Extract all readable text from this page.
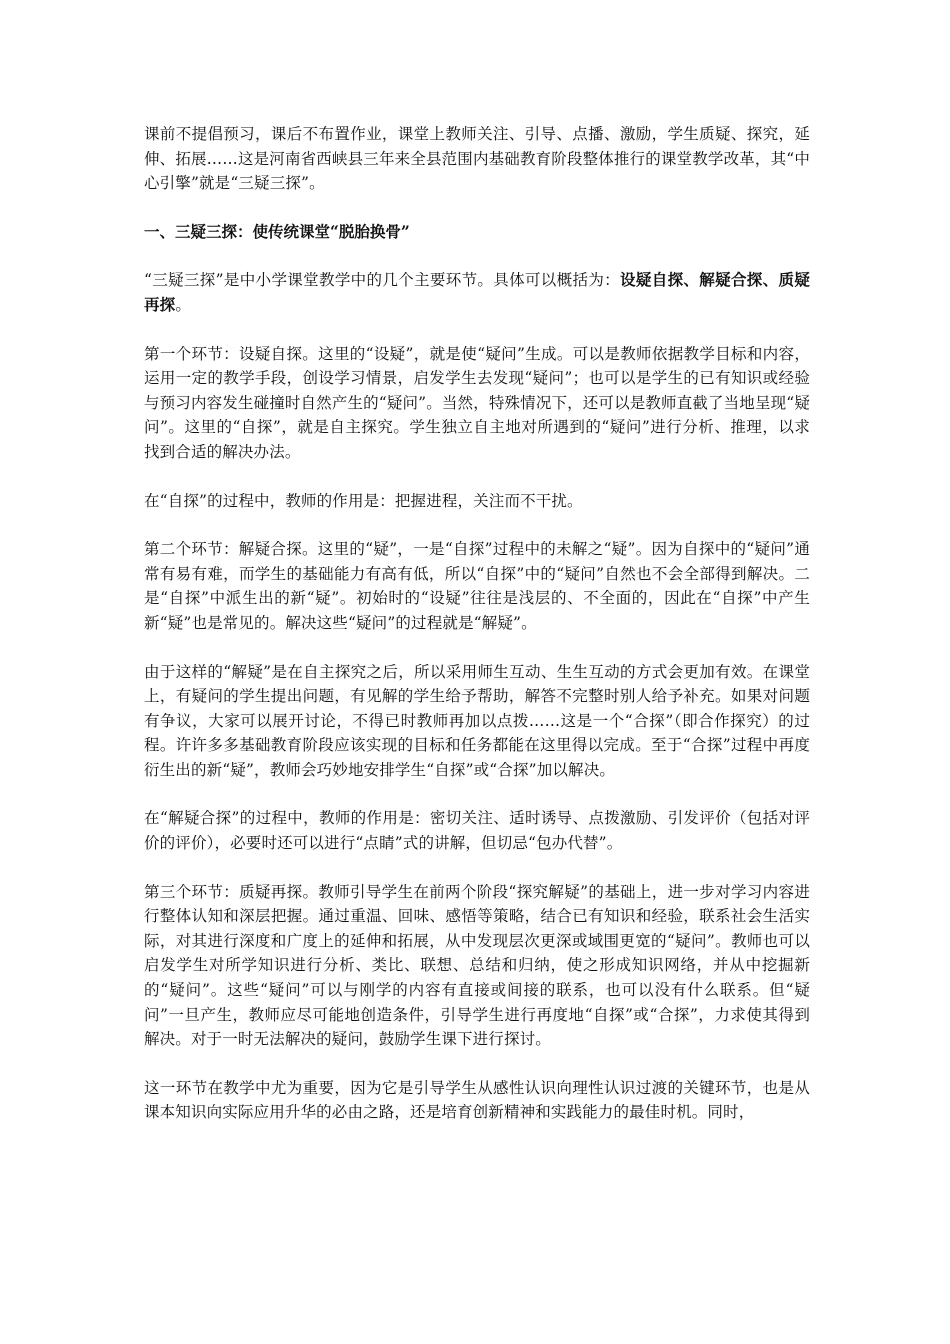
课前不提倡预习，课后不布置作业，课堂上教师关注、引导、点播、激励，学生质疑、探究，延伸、拓展……这是河南省西峡县三年来全县范围内基础教育阶段整体推行的课堂教学改革，其“中心引擎”就是“三疑三探”。

一、三疑三探：使传统课堂“脱胎换骨”

“三疑三探”是中小学课堂教学中的几个主要环节。具体可以概括为：设疑自探、解疑合探、质疑再探。

第一个环节：设疑自探。这里的“设疑”，就是使“疑问”生成。可以是教师依据教学目标和内容，运用一定的教学手段，创设学习情景，启发学生去发现“疑问”；也可以是学生的已有知识或经验与预习内容发生碰撞时自然产生的“疑问”。当然，特殊情况下，还可以是教师直截了当地呈现“疑问”。这里的“自探”，就是自主探究。学生独立自主地对所遇到的“疑问”进行分析、推理，以求找到合适的解决办法。

在“自探”的过程中，教师的作用是：把握进程，关注而不干扰。

第二个环节：解疑合探。这里的“疑”，一是“自探”过程中的未解之“疑”。因为自探中的“疑问”通常有易有难，而学生的基础能力有高有低，所以“自探”中的“疑问”自然也不会全部得到解决。二是“自探”中派生出的新“疑”。初始时的“设疑”往往是浅层的、不全面的，因此在“自探”中产生新“疑”也是常见的。解决这些“疑问”的过程就是“解疑”。

由于这样的“解疑”是在自主探究之后，所以采用师生互动、生生互动的方式会更加有效。在课堂上，有疑问的学生提出问题，有见解的学生给予帮助，解答不完整时别人给予补充。如果对问题有争议，大家可以展开讨论，不得已时教师再加以点拨……这是一个“合探”（即合作探究）的过程。许许多多基础教育阶段应该实现的目标和任务都能在这里得以完成。至于“合探”过程中再度衍生出的新“疑”，教师会巧妙地安排学生“自探”或“合探”加以解决。

在“解疑合探”的过程中，教师的作用是：密切关注、适时诱导、点拨激励、引发评价（包括对评价的评价），必要时还可以进行“点睛”式的讲解，但切忌“包办代替”。

第三个环节：质疑再探。教师引导学生在前两个阶段“探究解疑”的基础上，进一步对学习内容进行整体认知和深层把握。通过重温、回味、感悟等策略，结合已有知识和经验，联系社会生活实际，对其进行深度和广度上的延伸和拓展，从中发现层次更深或域围更宽的“疑问”。教师也可以启发学生对所学知识进行分析、类比、联想、总结和归纳，使之形成知识网络，并从中挖掘新的“疑问”。这些“疑问”可以与刚学的内容有直接或间接的联系，也可以没有什么联系。但“疑问”一旦产生，教师应尽可能地创造条件，引导学生进行再度地“自探”或“合探”，力求使其得到解决。对于一时无法解决的疑问，鼓励学生课下进行探讨。

这一环节在教学中尤为重要，因为它是引导学生从感性认识向理性认识过渡的关键环节，也是从课本知识向实际应用升华的必由之路，还是培育创新精神和实践能力的最佳时机。同时，
